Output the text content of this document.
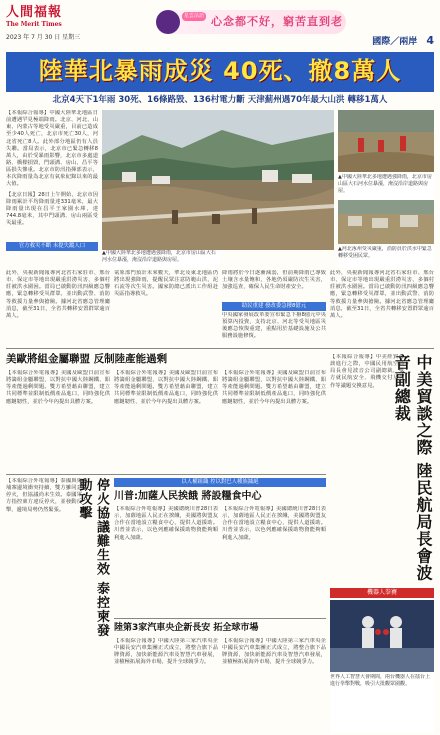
人間福報
The Merit Times
2023 年 7 月 30 日 星期三
星雲法語 心念都不好，窮苦直到老
國際／兩岸 4
陸華北暴雨成災 40死、撤8萬人
北京4天下1年雨 30死、16條路毀、136村電力斷 天津薊州遇70年最大山洪 轉移1萬人

【本報綜合報導】中國大陸華北地區日前遭遇罕見極端降雨。北京、河北、山東、內蒙古等地受災嚴重，目前已造成至少40人死亡，北京市死亡30人，河北省死亡8人。此外部分地區仍有人員失聯。當局表示，北京市已緊急轉移8萬人，由於受暴雨影響，北京市多處道路、橋樑損毀，門頭溝、房山、昌平等區損失慘重。北京市防汛指揮部表示，本次降雨量為北京有氣象紀錄以來的最大值。

【北京日報】28日上午開始，北京市因降雨累計平均降雨量達331毫米，最大降雨量出現在昌平王家園水庫，達744.8毫米，其中門頭溝、房山兩區受災最重。

官方救災不斷 未提失蹤人口
▲中國大陸華北多地遭遇強降雨，北京市房山區大石河水位暴漲，淹沒沿岸道路與房屋。
▲中國大陸華北多地遭遇強降雨，北京市房山區大石河水位暴漲，淹沒沿岸道路與房屋。
▲河北涿州受災嚴重，消防員於洪水中緊急轉移受困民眾。
此外，央視新聞報導河北省石家莊市、邢台市、保定市等地出現嚴重洪澇災害，多個村莊被洪水圍困。當局已啟動防汛四級應急響應，緊急轉移受災群眾，並出動武警、消防等救援力量參與搶險。據河北省應急管理廳消息，截至31日，全省共轉移安置群眾逾百萬人。
氣象部門預計未來數天，華北及東北地區仍將出現強降雨，提醒民眾注意防範山洪、泥石流等次生災害。國家防總已派出工作組赴災區指導救災。
降雨將於今日逐漸減弱，但前期降雨已導致土壤含水量飽和，各地仍須嚴防次生災害，加強巡查，確保人民生命財產安全。
助民重建 發改委急撥8億元
中央國家發展改革委宣布緊急下撥8億元中央預算內投資，支持北京、河北等受災地區災後應急恢復重建，重點用於基礎設施及公共服務設施修復。
此外，央視新聞報導河北省石家莊市、邢台市、保定市等地出現嚴重洪澇災害，多個村莊被洪水圍困。當局已啟動防汛四級應急響應，緊急轉移受災群眾，並出動武警、消防等救援力量參與搶險。據河北省應急管理廳消息，截至31日，全省共轉移安置群眾逾百萬人。
美歐將組金屬聯盟 反制陸產能過剩
【本報綜合外電報導】美國及歐盟日前宣布將籌組金屬聯盟，以對抗中國大陸鋼鐵、鋁等產能過剩問題。雙方希望藉由聯盟，建立共同標準並限制低價產品進口，同時強化供應鏈韌性，並於今年內提出具體方案。
【本報綜合外電報導】美國及歐盟日前宣布將籌組金屬聯盟，以對抗中國大陸鋼鐵、鋁等產能過剩問題。雙方希望藉由聯盟，建立共同標準並限制低價產品進口，同時強化供應鏈韌性，並於今年內提出具體方案。
【本報綜合外電報導】美國及歐盟日前宣布將籌組金屬聯盟，以對抗中國大陸鋼鐵、鋁等產能過剩問題。雙方希望藉由聯盟，建立共同標準並限制低價產品進口，同時強化供應鏈韌性，並於今年內提出具體方案。	中美貿談之際 陸民航局長會波音副總裁
【本報綜合報導】中美經貿會談進行之際，中國民用航空局局長會見波音公司副總裁，雙方就民航安全、飛機交付及合作等議題交換意見。
停火協議難生效 泰控柬發動攻擊
【本報綜合外電報導】泰國與柬埔寨邊境衝突持續，雙方雖同意停火，但協議尚未生效。泰國軍方指控柬方違反停火，並發動反擊，邊境局勢仍然緊張。
以人權組織 控以對巴人種族滅絕
川普:加薩人民挨餓 將設糧食中心
【本報綜合外電報導】美國總統川普28日表示，加薩地區人民正在挨餓，美國將與盟友合作在當地設立糧食中心，提供人道援助。川普並表示，以色列應確保援助物資能夠順利進入加薩。
【本報綜合外電報導】美國總統川普28日表示，加薩地區人民正在挨餓，美國將與盟友合作在當地設立糧食中心，提供人道援助。川普並表示，以色列應確保援助物資能夠順利進入加薩。
陸第3家汽車央企新長安 拓全球市場
【本報綜合報導】中國大陸第三家汽車央企中國長安汽車集團正式成立，將整合旗下品牌資源，加快新能源汽車及智慧汽車發展，並積極拓展海外市場，提升全球競爭力。
【本報綜合報導】中國大陸第三家汽車央企中國長安汽車集團正式成立，將整合旗下品牌資源，加快新能源汽車及智慧汽車發展，並積極拓展海外市場，提升全球競爭力。
機器人拳賽
世界人工智慧大會期間，兩台機器人在擂台上進行拳擊對戰，吸引大批觀眾圍觀。
